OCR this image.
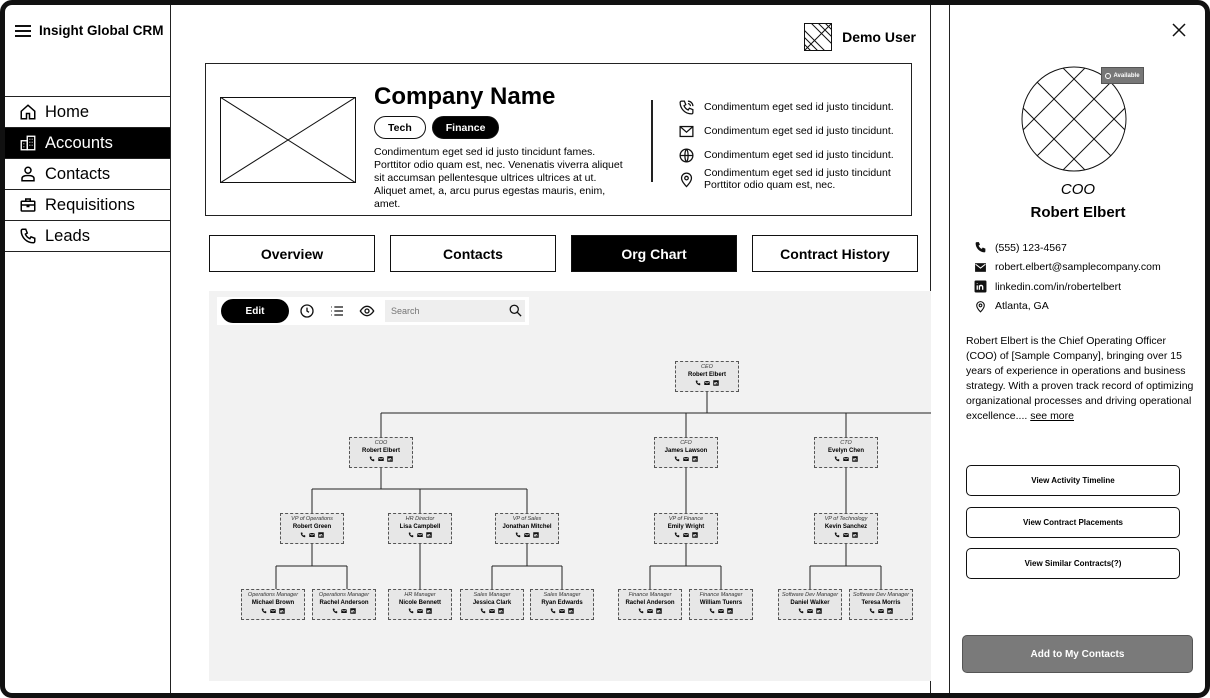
Insight Global CRM
Home
Accounts
Contacts
Requisitions
Leads
Demo User
Company Name
Tech	Finance
Condimentum eget sed id justo tincidunt fames. Porttitor odio quam est, nec. Venenatis viverra aliquet sit accumsan pellentesque ultrices ultrices at ut. Aliquet amet, a, arcu purus egestas mauris, enim, amet.
Condimentum eget sed id justo tincidunt.
Condimentum eget sed id justo tincidunt.
Condimentum eget sed id justo tincidunt.
Condimentum eget sed id justo tincidunt Porttitor odio quam est, nec.
Overview	Contacts	Org Chart	Contract History
Edit
Search
CEO
Robert Elbert
COO
Robert Elbert
CFO
James Lawson
CTO
Evelyn Chen
VP of Operations
Robert Green
HR Director
Lisa Campbell
VP of Sales
Jonathan Mitchel
VP of Finance
Emily Wright
VP of Technology
Kevin Sanchez
Operations Manager
Michael Brown
Operations Manager
Rachel Anderson
HR Manager
Nicole Bennett
Sales Manager
Jessica Clark
Sales Manager
Ryan Edwards
Finance Manager
Rachel Anderson
Finance Manager
William Tuenrs
Software Dev Manager
Daniel Walker
Software Dev Manager
Teresa Morris
Available
COO
Robert Elbert
(555) 123-4567
robert.elbert@samplecompany.com
linkedin.com/in/robertelbert
Atlanta, GA
Robert Elbert is the Chief Operating Officer (COO) of [Sample Company], bringing over 15 years of experience in operations and business strategy. With a proven track record of optimizing organizational processes and driving operational excellence.... see more
View Activity Timeline
View Contract Placements
View Similar Contracts(?)
Add to My Contacts
